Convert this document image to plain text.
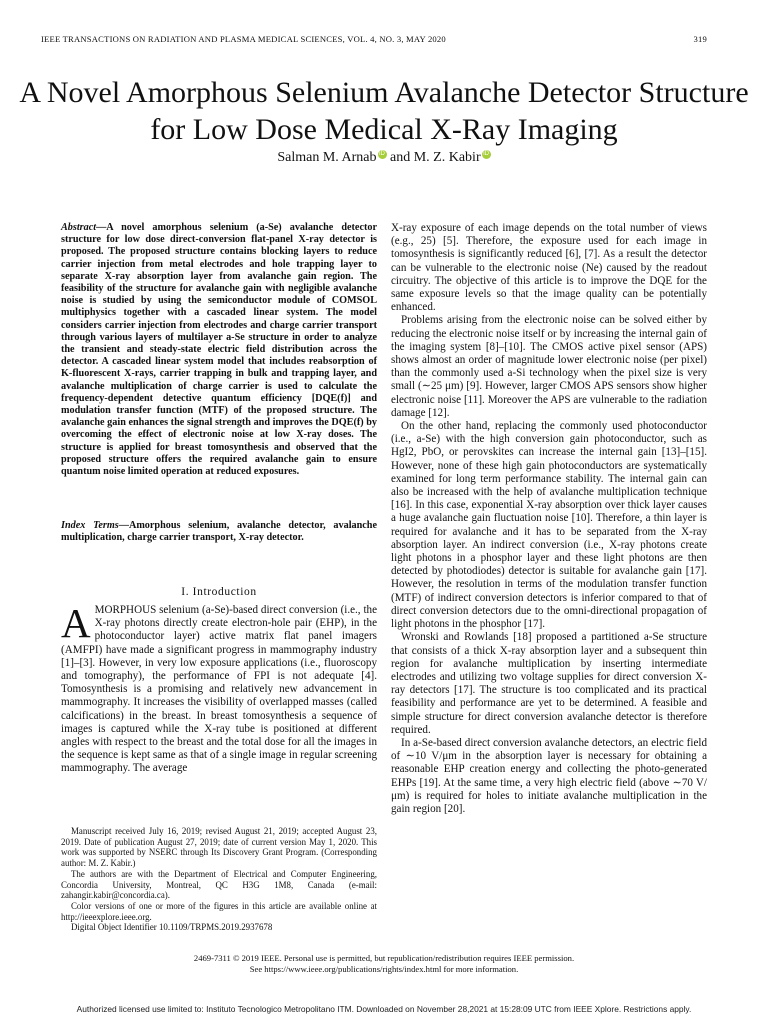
IEEE TRANSACTIONS ON RADIATION AND PLASMA MEDICAL SCIENCES, VOL. 4, NO. 3, MAY 2020	319
A Novel Amorphous Selenium Avalanche Detector Structure for Low Dose Medical X-Ray Imaging
Salman M. Arnab iD and M. Z. Kabir iD
Abstract—A novel amorphous selenium (a-Se) avalanche detector structure for low dose direct-conversion flat-panel X-ray detector is proposed. The proposed structure contains blocking layers to reduce carrier injection from metal electrodes and hole trapping layer to separate X-ray absorption layer from avalanche gain region. The feasibility of the structure for avalanche gain with negligible avalanche noise is studied by using the semiconductor module of COMSOL multiphysics together with a cascaded linear system. The model considers carrier injection from electrodes and charge carrier transport through various layers of multilayer a-Se structure in order to analyze the transient and steady-state electric field distribution across the detector. A cascaded linear system model that includes reabsorption of K-fluorescent X-rays, carrier trapping in bulk and trapping layer, and avalanche multiplication of charge carrier is used to calculate the frequency-dependent detective quantum efficiency [DQE(f)] and modulation transfer function (MTF) of the proposed structure. The avalanche gain enhances the signal strength and improves the DQE(f) by overcoming the effect of electronic noise at low X-ray doses. The structure is applied for breast tomosynthesis and observed that the proposed structure offers the required avalanche gain to ensure quantum noise limited operation at reduced exposures.
Index Terms—Amorphous selenium, avalanche detector, avalanche multiplication, charge carrier transport, X-ray detector.
I. Introduction

AMORPHOUS selenium (a-Se)-based direct conversion (i.e., the X-ray photons directly create electron-hole pair (EHP), in the photoconductor layer) active matrix flat panel imagers (AMFPI) have made a significant progress in mammography industry [1]–[3]. However, in very low exposure applications (i.e., fluoroscopy and tomography), the performance of FPI is not adequate [4]. Tomosynthesis is a promising and relatively new advancement in mammography. It increases the visibility of overlapped masses (called calcifications) in the breast. In breast tomosynthesis a sequence of images is captured while the X-ray tube is positioned at different angles with respect to the breast and the total dose for all the images in the sequence is kept same as that of a single image in regular screening mammography. The average

Manuscript received July 16, 2019; revised August 21, 2019; accepted August 23, 2019. Date of publication August 27, 2019; date of current version May 1, 2020. This work was supported by NSERC through Its Discovery Grant Program. (Corresponding author: M. Z. Kabir.)

The authors are with the Department of Electrical and Computer Engineering, Concordia University, Montreal, QC H3G 1M8, Canada (e-mail: zahangir.kabir@concordia.ca).

Color versions of one or more of the figures in this article are available online at http://ieeexplore.ieee.org.

Digital Object Identifier 10.1109/TRPMS.2019.2937678

X-ray exposure of each image depends on the total number of views (e.g., 25) [5]. Therefore, the exposure used for each image in tomosynthesis is significantly reduced [6], [7]. As a result the detector can be vulnerable to the electronic noise (Ne) caused by the readout circuitry. The objective of this article is to improve the DQE for the same exposure levels so that the image quality can be potentially enhanced.

Problems arising from the electronic noise can be solved either by reducing the electronic noise itself or by increasing the internal gain of the imaging system [8]–[10]. The CMOS active pixel sensor (APS) shows almost an order of magnitude lower electronic noise (per pixel) than the commonly used a-Si technology when the pixel size is very small (∼25 μm) [9]. However, larger CMOS APS sensors show higher electronic noise [11]. Moreover the APS are vulnerable to the radiation damage [12].

On the other hand, replacing the commonly used photoconductor (i.e., a-Se) with the high conversion gain photoconductor, such as HgI2, PbO, or perovskites can increase the internal gain [13]–[15]. However, none of these high gain photoconductors are systematically examined for long term performance stability. The internal gain can also be increased with the help of avalanche multiplication technique [16]. In this case, exponential X-ray absorption over thick layer causes a huge avalanche gain fluctuation noise [10]. Therefore, a thin layer is required for avalanche and it has to be separated from the X-ray absorption layer. An indirect conversion (i.e., X-ray photons create light photons in a phosphor layer and these light photons are then detected by photodiodes) detector is suitable for avalanche gain [17]. However, the resolution in terms of the modulation transfer function (MTF) of indirect conversion detectors is inferior compared to that of direct conversion detectors due to the omni-directional propagation of light photons in the phosphor [17].

Wronski and Rowlands [18] proposed a partitioned a-Se structure that consists of a thick X-ray absorption layer and a subsequent thin region for avalanche multiplication by inserting intermediate electrodes and utilizing two voltage supplies for direct conversion X-ray detectors [17]. The structure is too complicated and its practical feasibility and performance are yet to be determined. A feasible and simple structure for direct conversion avalanche detector is therefore required.

In a-Se-based direct conversion avalanche detectors, an electric field of ∼10 V/μm in the absorption layer is necessary for obtaining a reasonable EHP creation energy and collecting the photo-generated EHPs [19]. At the same time, a very high electric field (above ∼70 V/μm) is required for holes to initiate avalanche multiplication in the gain region [20].

2469-7311 © 2019 IEEE. Personal use is permitted, but republication/redistribution requires IEEE permission.
See https://www.ieee.org/publications/rights/index.html for more information.
Authorized licensed use limited to: Instituto Tecnologico Metropolitano ITM. Downloaded on November 28,2021 at 15:28:09 UTC from IEEE Xplore. Restrictions apply.
